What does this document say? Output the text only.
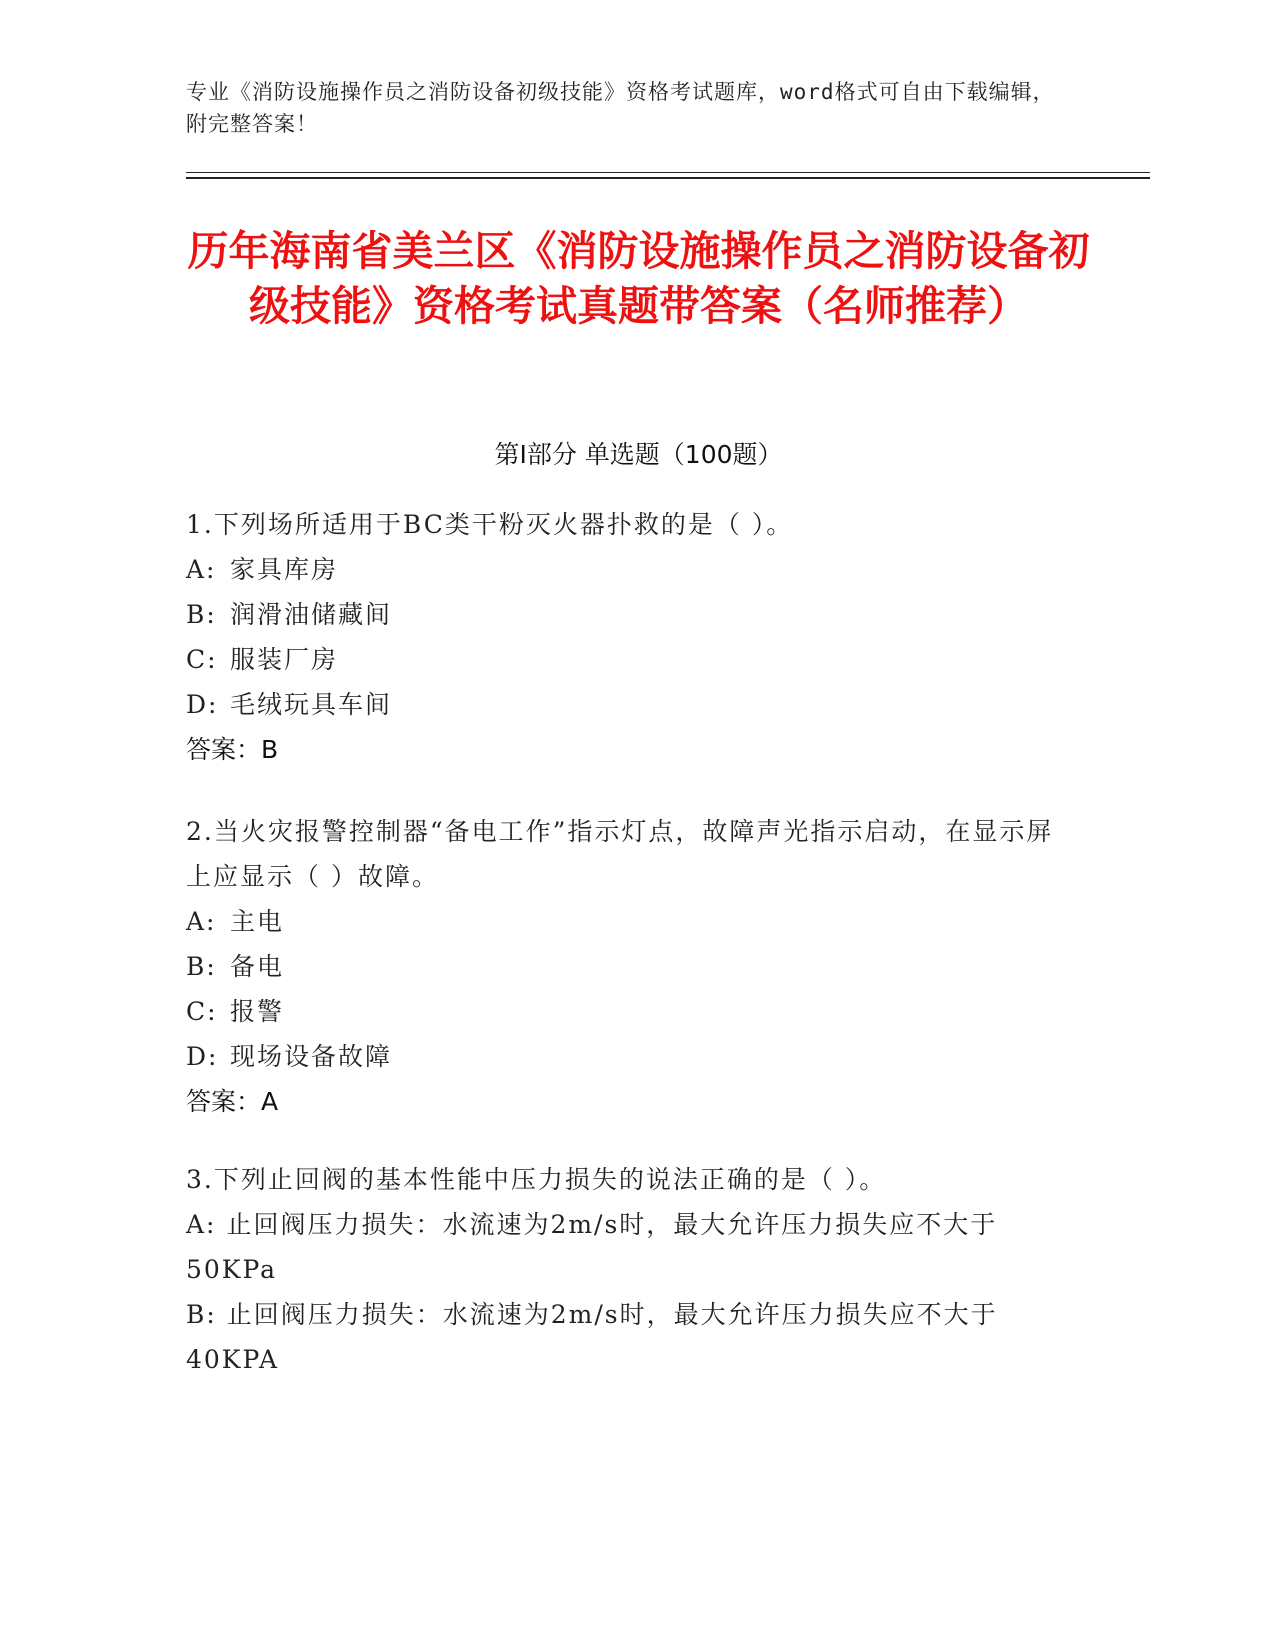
专业《消防设施操作员之消防设备初级技能》资格考试题库，word格式可自由下载编辑，附完整答案！
历年海南省美兰区《消防设施操作员之消防设备初级技能》资格考试真题带答案（名师推荐）
第Ⅰ部分 单选题（100题）
1.下列场所适用于BC类干粉灭火器扑救的是（ ）。
A: 家具库房
B: 润滑油储藏间
C: 服装厂房
D: 毛绒玩具车间
答案：B
2.当火灾报警控制器“备电工作”指示灯点，故障声光指示启动，在显示屏上应显示（ ）故障。
A: 主电
B: 备电
C: 报警
D: 现场设备故障
答案：A
3.下列止回阀的基本性能中压力损失的说法正确的是（ ）。
A: 止回阀压力损失：水流速为2m/s时，最大允许压力损失应不大于50KPa
B: 止回阀压力损失：水流速为2m/s时，最大允许压力损失应不大于40KPA
